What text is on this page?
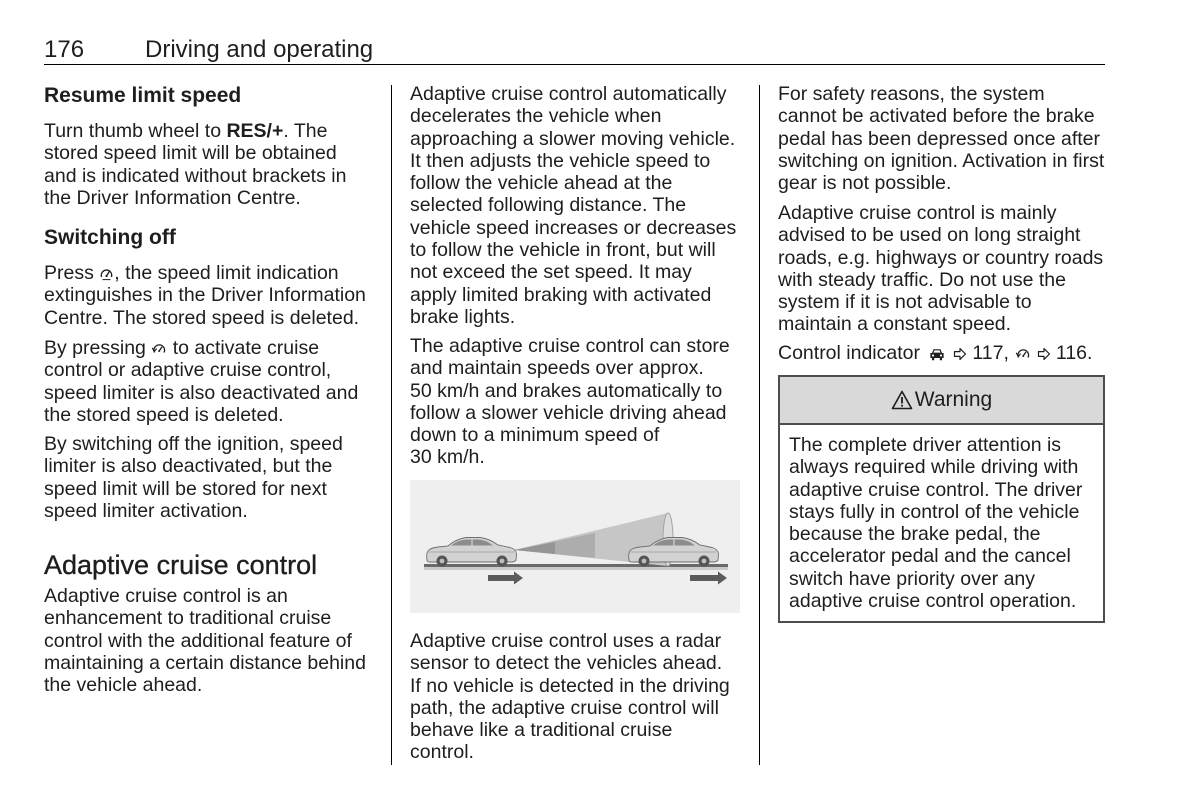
176	Driving and operating
Resume limit speed
Turn thumb wheel to RES/+. The
stored speed limit will be obtained
and is indicated without brackets in
the Driver Information Centre.
Switching off
Press
, the speed limit indication
extinguishes in the Driver Information
Centre. The stored speed is deleted.
By pressing
to activate cruise
control or adaptive cruise control,
speed limiter is also deactivated and
the stored speed is deleted.
By switching off the ignition, speed
limiter is also deactivated, but the
speed limit will be stored for next
speed limiter activation.
Adaptive cruise control
Adaptive cruise control is an
enhancement to traditional cruise
control with the additional feature of
maintaining a certain distance behind
the vehicle ahead.
Adaptive cruise control automatically
decelerates the vehicle when
approaching a slower moving vehicle.
It then adjusts the vehicle speed to
follow the vehicle ahead at the
selected following distance. The
vehicle speed increases or decreases
to follow the vehicle in front, but will
not exceed the set speed. It may
apply limited braking with activated
brake lights.
The adaptive cruise control can store
and maintain speeds over approx.
50 km/h and brakes automatically to
follow a slower vehicle driving ahead
down to a minimum speed of
30 km/h.
Adaptive cruise control uses a radar
sensor to detect the vehicles ahead.
If no vehicle is detected in the driving
path, the adaptive cruise control will
behave like a traditional cruise
control.
For safety reasons, the system
cannot be activated before the brake
pedal has been depressed once after
switching on ignition. Activation in first
gear is not possible.
Adaptive cruise control is mainly
advised to be used on long straight
roads, e.g. highways or country roads
with steady traffic. Do not use the
system if it is not advisable to
maintain a constant speed.
Control indicator
117, 116.
Warning
The complete driver attention is
always required while driving with
adaptive cruise control. The driver
stays fully in control of the vehicle
because the brake pedal, the
accelerator pedal and the cancel
switch have priority over any
adaptive cruise control operation.
